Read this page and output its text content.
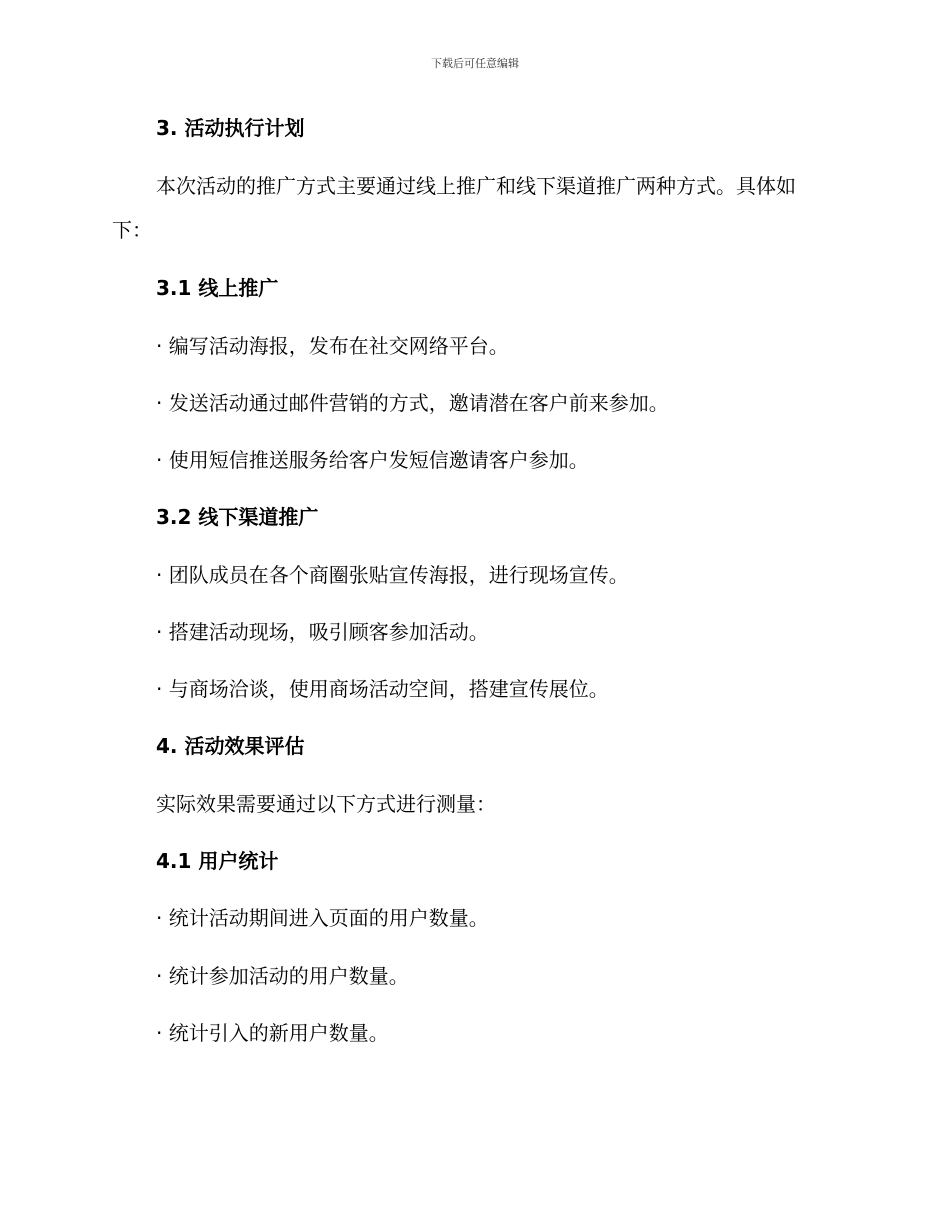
下载后可任意编辑
3. 活动执行计划
本次活动的推广方式主要通过线上推广和线下渠道推广两种方式。具体如下：
3.1 线上推广
· 编写活动海报，发布在社交网络平台。
· 发送活动通过邮件营销的方式，邀请潜在客户前来参加。
· 使用短信推送服务给客户发短信邀请客户参加。
3.2 线下渠道推广
· 团队成员在各个商圈张贴宣传海报，进行现场宣传。
· 搭建活动现场，吸引顾客参加活动。
· 与商场洽谈，使用商场活动空间，搭建宣传展位。
4. 活动效果评估
实际效果需要通过以下方式进行测量：
4.1 用户统计
· 统计活动期间进入页面的用户数量。
· 统计参加活动的用户数量。
· 统计引入的新用户数量。
